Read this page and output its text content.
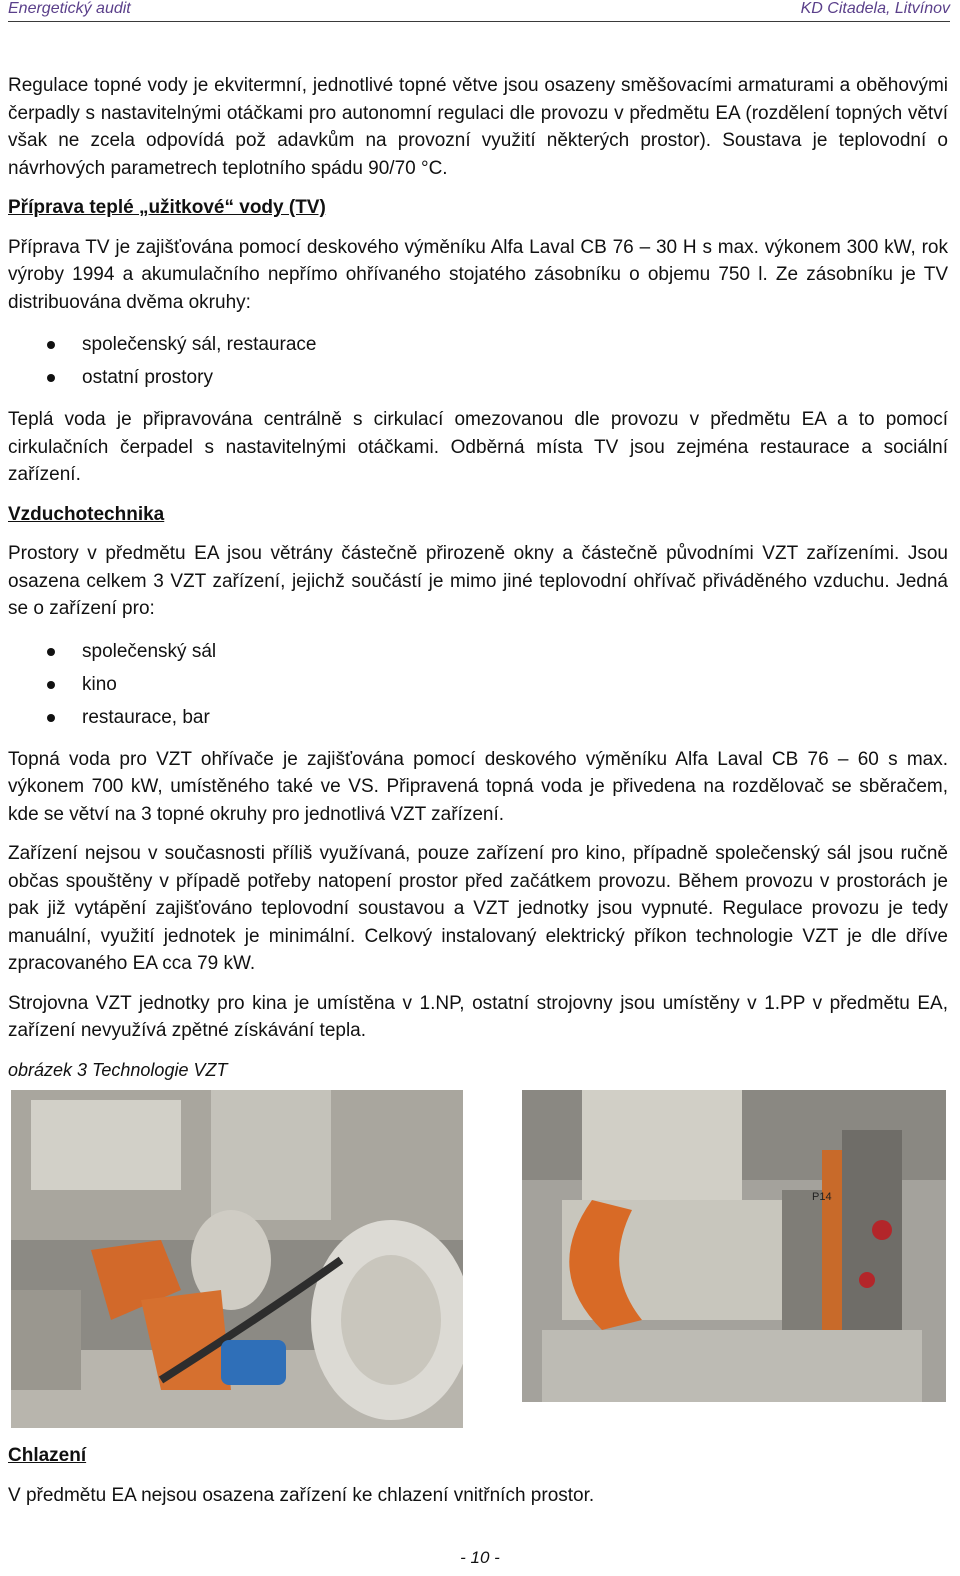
Energetický audit	KD Citadela, Litvínov

Regulace topné vody je ekvitermní, jednotlivé topné větve jsou osazeny směšovacími armaturami a oběhovými čerpadly s nastavitelnými otáčkami pro autonomní regulaci dle provozu v předmětu EA (rozdělení topných větví však ne zcela odpovídá pož adavkům na provozní využití některých prostor). Soustava je teplovodní o návrhových parametrech teplotního spádu 90/70 °C.

Příprava teplé „užitkové“ vody (TV)

Příprava TV je zajišťována pomocí deskového výměníku Alfa Laval CB 76 – 30 H s max. výkonem 300 kW, rok výroby 1994 a akumulačního nepřímo ohřívaného stojatého zásobníku o objemu 750 l. Ze zásobníku je TV distribuována dvěma okruhy:

společenský sál, restaurace
ostatní prostory

Teplá voda je připravována centrálně s cirkulací omezovanou dle provozu v předmětu EA a to pomocí cirkulačních čerpadel s nastavitelnými otáčkami. Odběrná místa TV jsou zejména restaurace a sociální zařízení.

Vzduchotechnika

Prostory v předmětu EA jsou větrány částečně přirozeně okny a částečně původními VZT zařízeními. Jsou osazena celkem 3 VZT zařízení, jejichž součástí je mimo jiné teplovodní ohřívač přiváděného vzduchu. Jedná se o zařízení pro:

společenský sál
kino
restaurace, bar

Topná voda pro VZT ohřívače je zajišťována pomocí deskového výměníku Alfa Laval CB 76 – 60 s max. výkonem 700 kW, umístěného také ve VS. Připravená topná voda je přivedena na rozdělovač se sběračem, kde se větví na 3 topné okruhy pro jednotlivá VZT zařízení.

Zařízení nejsou v současnosti příliš využívaná, pouze zařízení pro kino, případně společenský sál jsou ručně občas spouštěny v případě potřeby natopení prostor před začátkem provozu. Během provozu v prostorách je pak již vytápění zajišťováno teplovodní soustavou a VZT jednotky jsou vypnuté. Regulace provozu je tedy manuální, využití jednotek je minimální. Celkový instalovaný elektrický příkon technologie VZT je dle dříve zpracovaného EA cca 79 kW.

Strojovna VZT jednotky pro kina je umístěna v 1.NP, ostatní strojovny jsou umístěny v 1.PP v předmětu EA, zařízení nevyužívá zpětné získávání tepla.

obrázek 3 Technologie VZT
P14
Chlazení

V předmětu EA nejsou osazena zařízení ke chlazení vnitřních prostor.

- 10 -
